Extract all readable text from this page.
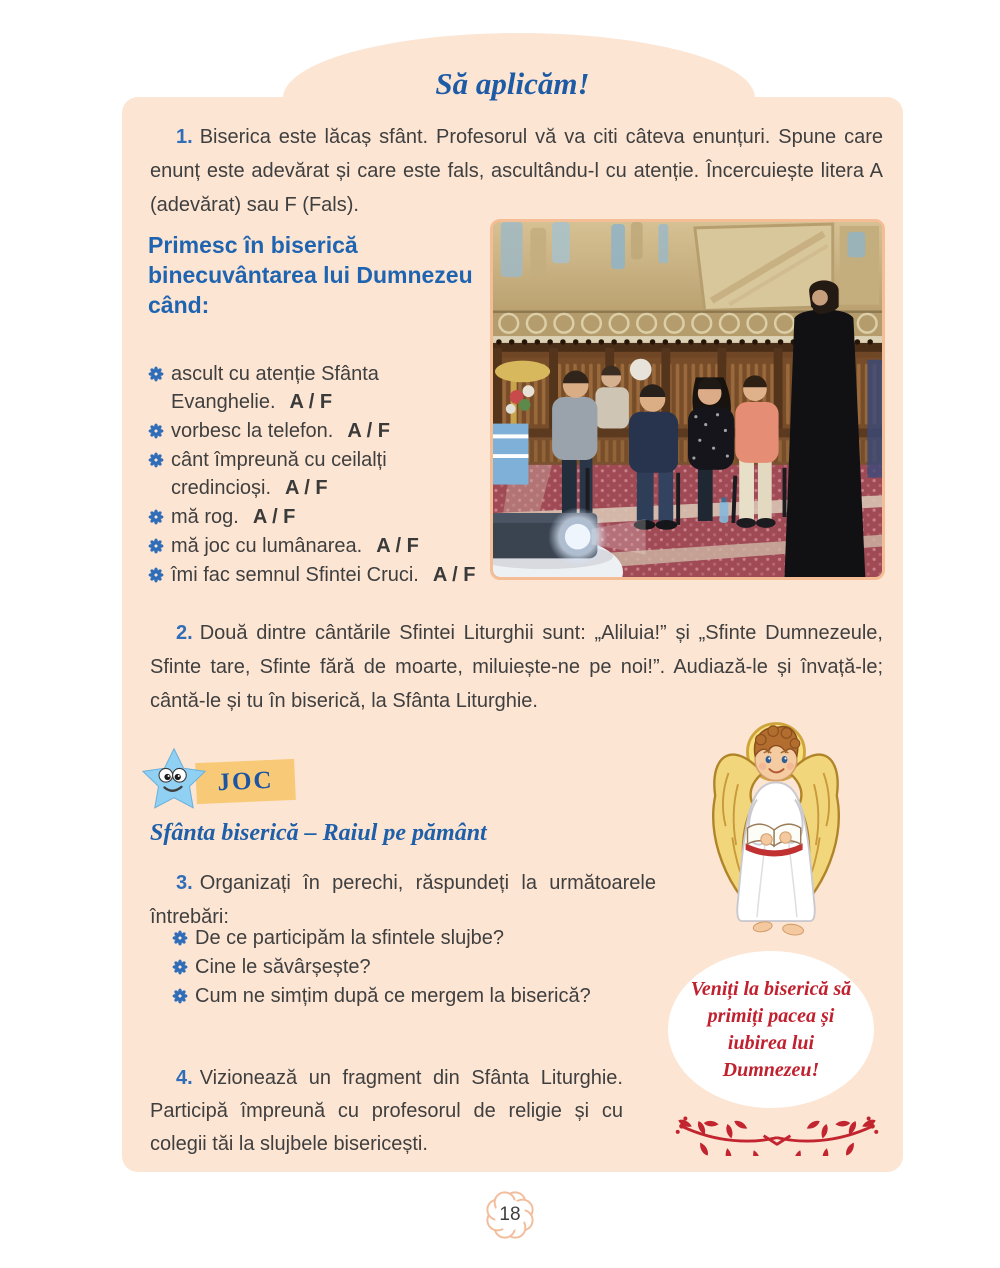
Să aplicăm!

1. Biserica este lăcaș sfânt. Profesorul vă va citi câteva enunțuri. Spune care enunț este adevărat și care este fals, ascultându-l cu atenție. Încercuiește litera A (adevărat) sau F (Fals).

Primesc în biserică binecuvântarea lui Dumnezeu când:
ascult cu atenție Sfânta Evanghelie. A / F
vorbesc la telefon. A / F
cânt împreună cu ceilalți credincioși. A / F
mă rog. A / F
mă joc cu lumânarea. A / F
îmi fac semnul Sfintei Cruci. A / F

2. Două dintre cântările Sfintei Liturghii sunt: „Aliluia!” și „Sfinte Dumnezeule, Sfinte tare, Sfinte fără de moarte, miluiește-ne pe noi!”. Audiază-le și învață-le; cântă-le și tu în biserică, la Sfânta Liturghie.

JOC
Sfânta biserică – Raiul pe pământ

3. Organizați în perechi, răspundeți la următoarele întrebări:

De ce participăm la sfintele slujbe?
Cine le săvârșește?
Cum ne simțim după ce mergem la biserică?

4. Vizionează un fragment din Sfânta Liturghie. Participă împreună cu profesorul de religie și cu colegii tăi la slujbele bisericești.

Veniți la biserică să primiți pacea și iubirea lui Dumnezeu!
18
